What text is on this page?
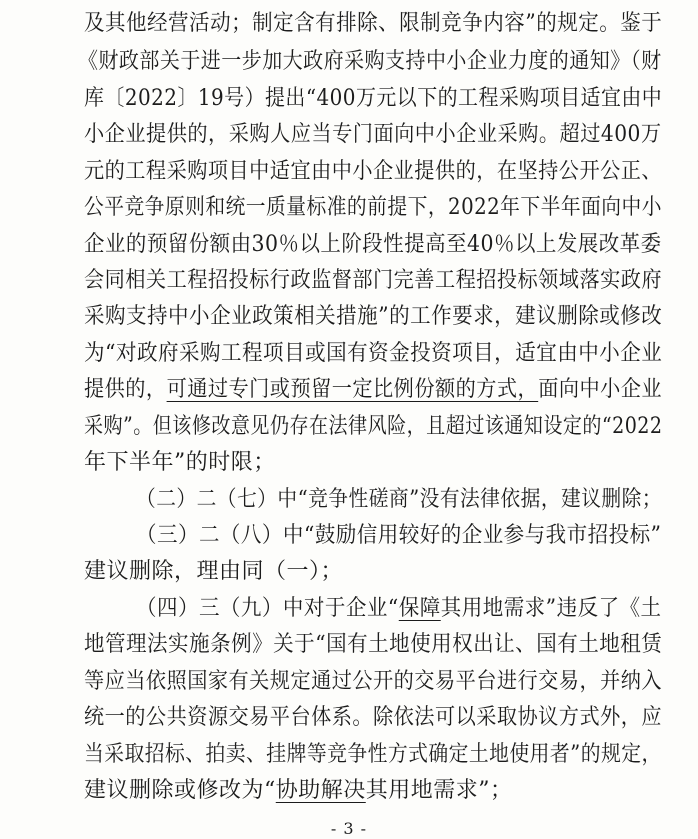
及其他经营活动；制定含有排除、限制竞争内容”的规定。鉴于
《财政部关于进一步加大政府采购支持中小企业力度的通知》（财
库〔2022〕19号）提出“400万元以下的工程采购项目适宜由中
小企业提供的，采购人应当专门面向中小企业采购。超过400万
元的工程采购项目中适宜由中小企业提供的，在坚持公开公正、
公平竞争原则和统一质量标准的前提下，2022年下半年面向中小
企业的预留份额由30％以上阶段性提高至40％以上发展改革委
会同相关工程招投标行政监督部门完善工程招投标领域落实政府
采购支持中小企业政策相关措施”的工作要求，建议删除或修改
为“对政府采购工程项目或国有资金投资项目，适宜由中小企业
提供的，可通过专门或预留一定比例份额的方式，面向中小企业
采购”。但该修改意见仍存在法律风险，且超过该通知设定的“2022
年下半年”的时限；
（二）二（七）中“竞争性磋商”没有法律依据，建议删除；
（三）二（八）中“鼓励信用较好的企业参与我市招投标”
建议删除，理由同（一）；
（四）三（九）中对于企业“保障其用地需求”违反了《土
地管理法实施条例》关于“国有土地使用权出让、国有土地租赁
等应当依照国家有关规定通过公开的交易平台进行交易，并纳入
统一的公共资源交易平台体系。除依法可以采取协议方式外，应
当采取招标、拍卖、挂牌等竞争性方式确定土地使用者”的规定，
建议删除或修改为“协助解决其用地需求”；
- 3 -
